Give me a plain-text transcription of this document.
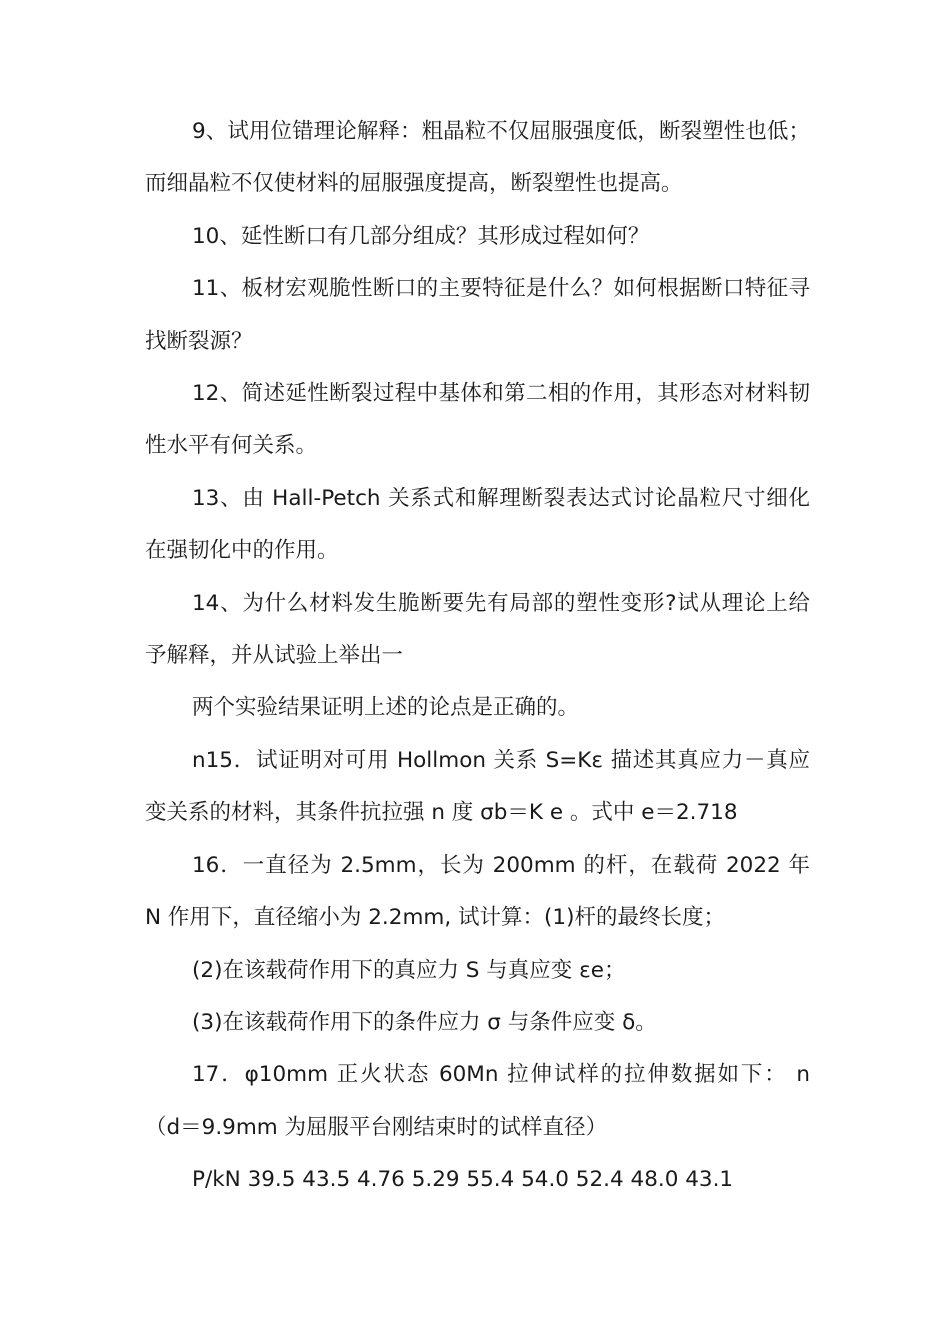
9、试用位错理论解释：粗晶粒不仅屈服强度低，断裂塑性也低；而细晶粒不仅使材料的屈服强度提高，断裂塑性也提高。

10、延性断口有几部分组成？其形成过程如何？

11、板材宏观脆性断口的主要特征是什么？如何根据断口特征寻找断裂源？

12、简述延性断裂过程中基体和第二相的作用，其形态对材料韧性水平有何关系。

13、由 Hall-Petch 关系式和解理断裂表达式讨论晶粒尺寸细化在强韧化中的作用。

14、为什么材料发生脆断要先有局部的塑性变形?试从理论上给予解释，并从试验上举出一

两个实验结果证明上述的论点是正确的。

n15．试证明对可用 Hollmon 关系 S=Kε 描述其真应力－真应变关系的材料，其条件抗拉强 n 度 σb＝K e 。式中 e＝2.718

16．一直径为 2.5mm，长为 200mm 的杆，在载荷 2022 年 N 作用下，直径缩小为 2.2mm, 试计算：(1)杆的最终长度；

(2)在该载荷作用下的真应力 S 与真应变 εe；

(3)在该载荷作用下的条件应力 σ 与条件应变 δ。

17．φ10mm 正火状态 60Mn 拉伸试样的拉伸数据如下： n （d＝9.9mm 为屈服平台刚结束时的试样直径）

P/kN 39.5 43.5 4.76 5.29 55.4 54.0 52.4 48.0 43.1
